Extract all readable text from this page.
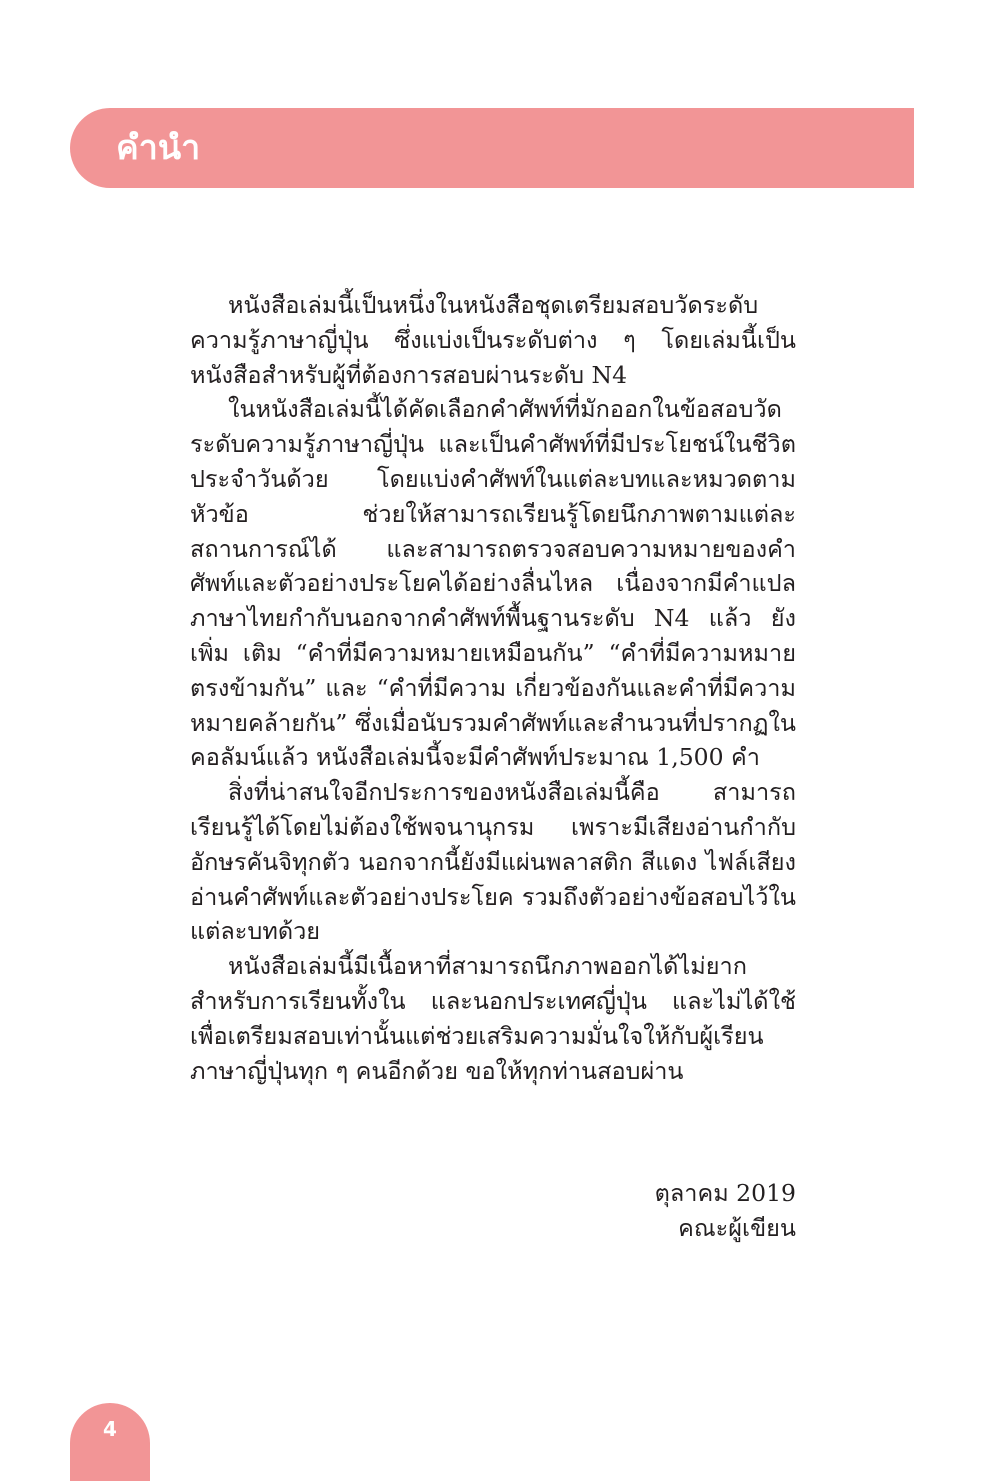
คำนำ

หนังสือเล่มนี้เป็นหนึ่งในหนังสือชุดเตรียมสอบวัดระดับความรู้ภาษาญี่ปุ่น ซึ่งแบ่งเป็นระดับต่าง ๆ โดยเล่มนี้เป็นหนังสือสำหรับผู้ที่ต้องการสอบผ่านระดับ N4

ในหนังสือเล่มนี้ได้คัดเลือกคำศัพท์ที่มักออกในข้อสอบวัดระดับความรู้ภาษาญี่ปุ่น และเป็นคำศัพท์ที่มีประโยชน์ในชีวิตประจำวันด้วย โดยแบ่งคำศัพท์ในแต่ละบทและหมวดตามหัวข้อ ช่วยให้สามารถเรียนรู้โดยนึกภาพตามแต่ละสถานการณ์ได้ และสามารถตรวจสอบความหมายของคำศัพท์และตัวอย่างประโยคได้อย่างลื่นไหล เนื่องจากมีคำแปลภาษาไทยกำกับนอกจากคำศัพท์พื้นฐานระดับ N4 แล้ว ยังเพิ่ม เติม “คำที่มีความหมายเหมือนกัน” “คำที่มีความหมายตรงข้ามกัน” และ “คำที่มีความ เกี่ยวข้องกันและคำที่มีความหมายคล้ายกัน” ซึ่งเมื่อนับรวมคำศัพท์และสำนวนที่ปรากฏในคอลัมน์แล้ว หนังสือเล่มนี้จะมีคำศัพท์ประมาณ 1,500 คำ

สิ่งที่น่าสนใจอีกประการของหนังสือเล่มนี้คือ สามารถเรียนรู้ได้โดยไม่ต้องใช้พจนานุกรม เพราะมีเสียงอ่านกำกับอักษรคันจิทุกตัว นอกจากนี้ยังมีแผ่นพลาสติก สีแดง ไฟล์เสียงอ่านคำศัพท์และตัวอย่างประโยค รวมถึงตัวอย่างข้อสอบไว้ในแต่ละบทด้วย

หนังสือเล่มนี้มีเนื้อหาที่สามารถนึกภาพออกได้ไม่ยากสำหรับการเรียนทั้งใน และนอกประเทศญี่ปุ่น และไม่ได้ใช้เพื่อเตรียมสอบเท่านั้นแต่ช่วยเสริมความมั่นใจให้กับผู้เรียนภาษาญี่ปุ่นทุก ๆ คนอีกด้วย ขอให้ทุกท่านสอบผ่าน

ตุลาคม 2019
คณะผู้เขียน
4
